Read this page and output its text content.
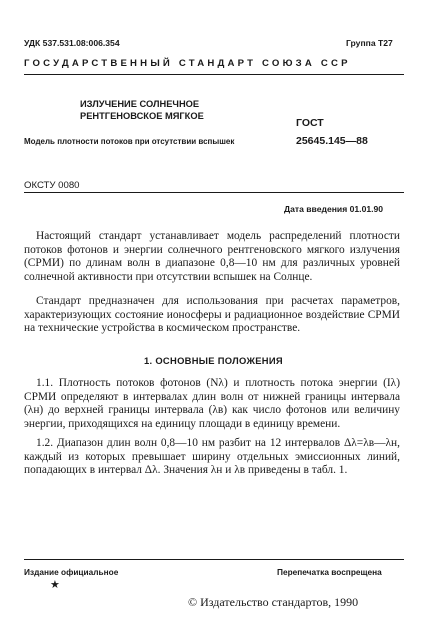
УДК 537.531.08:006.354	Группа Т27
ГОСУДАРСТВЕННЫЙ СТАНДАРТ СОЮЗА ССР
ИЗЛУЧЕНИЕ СОЛНЕЧНОЕ
РЕНТГЕНОВСКОЕ МЯГКОЕ
ГОСТ
Модель плотности потоков при отсутствии вспышек	25645.145—88
ОКСТУ 0080
Дата введения 01.01.90

Настоящий стандарт устанавливает модель распределений плотности потоков фотонов и энергии солнечного рентгеновского мягкого излучения (СРМИ) по длинам волн в диапазоне 0,8—10 нм для различных уровней солнечной активности при отсутствии вспышек на Солнце.

Стандарт предназначен для использования при расчетах параметров, характеризующих состояние ионосферы и радиационное воздействие СРМИ на технические устройства в космическом пространстве.

1. ОСНОВНЫЕ ПОЛОЖЕНИЯ

1.1. Плотность потоков фотонов (Nλ) и плотность потока энергии (Iλ) СРМИ определяют в интервалах длин волн от нижней границы интервала (λн) до верхней границы интервала (λв) как число фотонов или величину энергии, приходящихся на единицу площади в единицу времени.

1.2. Диапазон длин волн 0,8—10 нм разбит на 12 интервалов Δλ=λв—λн, каждый из которых превышает ширину отдельных эмиссионных линий, попадающих в интервал Δλ. Значения λн и λв приведены в табл. 1.

Издание официальное	Перепечатка воспрещена
★
© Издательство стандартов, 1990
